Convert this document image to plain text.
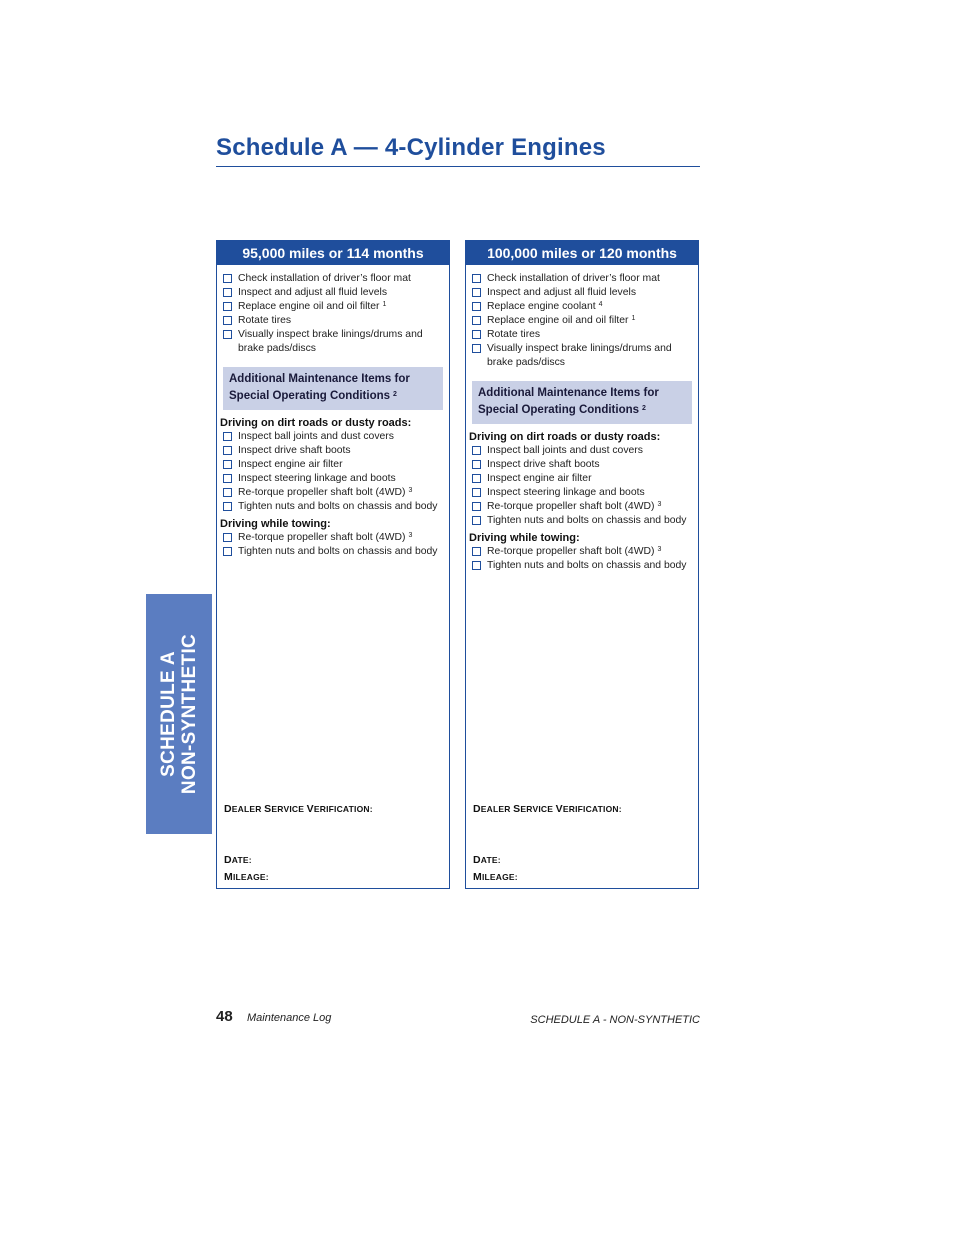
Schedule A — 4-Cylinder Engines
SCHEDULE A NON-SYNTHETIC
95,000 miles or 114 months
Check installation of driver’s floor mat
Inspect and adjust all fluid levels
Replace engine oil and oil filter $^1$
Rotate tires
Visually inspect brake linings/drums and brake pads/discs
Additional Maintenance Items for
Special Operating Conditions $^2$
Driving on dirt roads or dusty roads:
Inspect ball joints and dust covers
Inspect drive shaft boots
Inspect engine air filter
Inspect steering linkage and boots
Re-torque propeller shaft bolt (4WD) $^3$
Tighten nuts and bolts on chassis and body
Driving while towing:
Re-torque propeller shaft bolt (4WD) $^3$
Tighten nuts and bolts on chassis and body
DEALER SERVICE VERIFICATION:
DATE:
MILEAGE:
100,000 miles or 120 months
Check installation of driver’s floor mat
Inspect and adjust all fluid levels
Replace engine coolant $^4$
Replace engine oil and oil filter $^1$
Rotate tires
Visually inspect brake linings/drums and brake pads/discs
Additional Maintenance Items for
Special Operating Conditions $^2$
Driving on dirt roads or dusty roads:
Inspect ball joints and dust covers
Inspect drive shaft boots
Inspect engine air filter
Inspect steering linkage and boots
Re-torque propeller shaft bolt (4WD) $^3$
Tighten nuts and bolts on chassis and body
Driving while towing:
Re-torque propeller shaft bolt (4WD) $^3$
Tighten nuts and bolts on chassis and body
DEALER SERVICE VERIFICATION:
DATE:
MILEAGE:
48 Maintenance Log	SCHEDULE A - NON-SYNTHETIC
